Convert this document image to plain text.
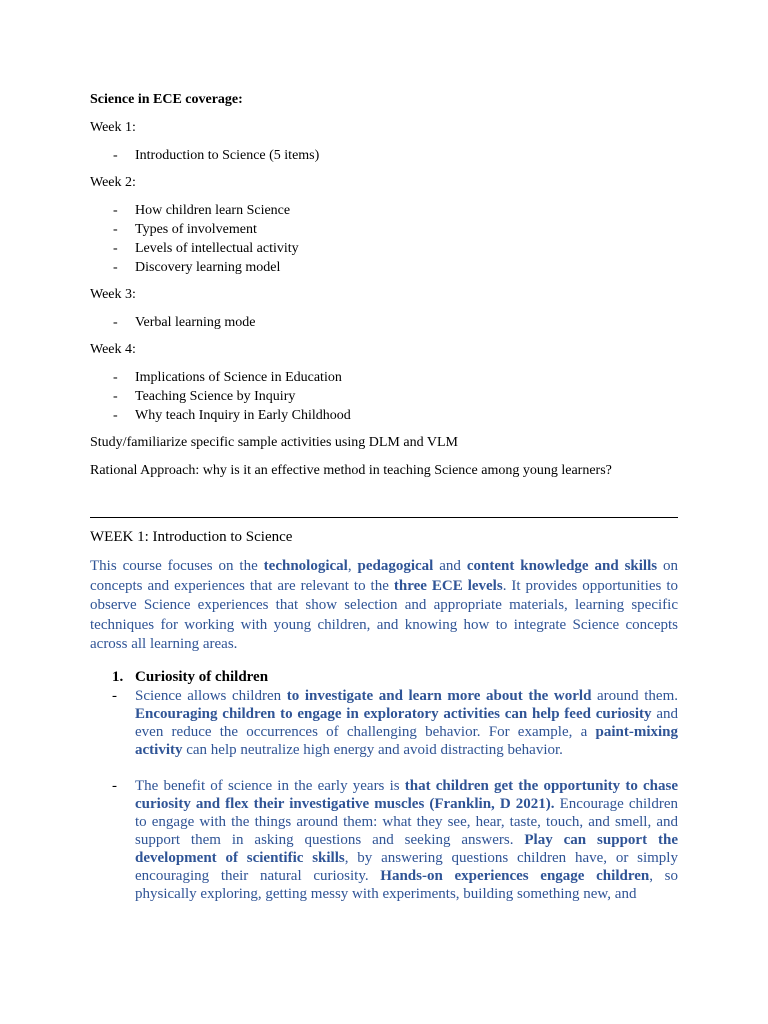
Science in ECE coverage:
Week 1:
- Introduction to Science (5 items)
Week 2:
- How children learn Science
- Types of involvement
- Levels of intellectual activity
- Discovery learning model
Week 3:
- Verbal learning mode
Week 4:
- Implications of Science in Education
- Teaching Science by Inquiry
- Why teach Inquiry in Early Childhood
Study/familiarize specific sample activities using DLM and VLM
Rational Approach: why is it an effective method in teaching Science among young learners?
WEEK 1: Introduction to Science

This course focuses on the technological, pedagogical and content knowledge and skills on concepts and experiences that are relevant to the three ECE levels. It provides opportunities to observe Science experiences that show selection and appropriate materials, learning specific techniques for working with young children, and knowing how to integrate Science concepts across all learning areas.

1. Curiosity of children
- Science allows children to investigate and learn more about the world around them. Encouraging children to engage in exploratory activities can help feed curiosity and even reduce the occurrences of challenging behavior. For example, a paint-mixing activity can help neutralize high energy and avoid distracting behavior.
- The benefit of science in the early years is that children get the opportunity to chase curiosity and flex their investigative muscles (Franklin, D 2021). Encourage children to engage with the things around them: what they see, hear, taste, touch, and smell, and support them in asking questions and seeking answers. Play can support the development of scientific skills, by answering questions children have, or simply encouraging their natural curiosity. Hands-on experiences engage children, so physically exploring, getting messy with experiments, building something new, and
